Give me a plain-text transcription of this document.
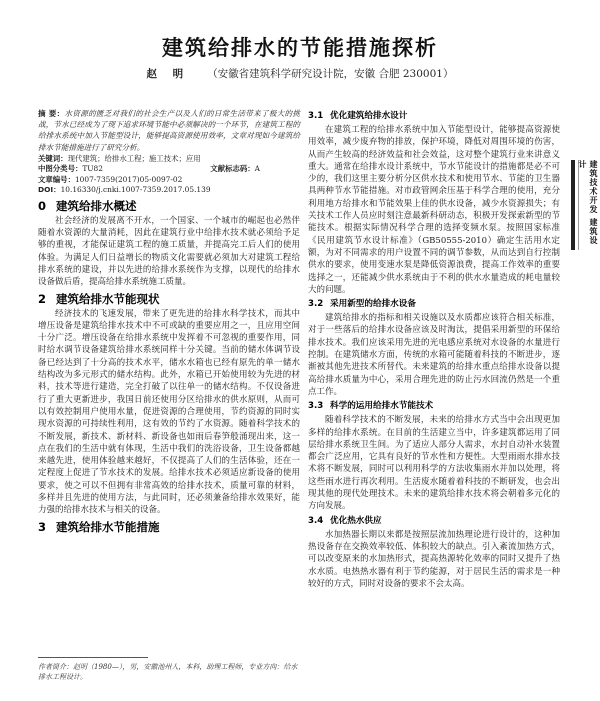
建筑给排水的节能措施探析
赵 明 （安徽省建筑科学研究设计院，安徽 合肥 230001）
摘 要：水资源的匮乏对我们的社会生产以及人们的日常生活带来了极大的挑战，节水已经成为了现下追求环境节能中必须解决的一个环节，在建筑工程的给排水系统中加入节能型设计，能够提高资源使用效率，文章对现如今建筑给排水节能措施进行了研究分析。
关键词：现代建筑；给排水工程；施工技术；应用
中图分类号：TU82	文献标志码：A
文章编号：1007-7359(2017)05-0097-02
DOI：10.16330/j.cnki.1007-7359.2017.05.139
0 建筑给排水概述

社会经济的发展离不开水，一个国家、一个城市的崛起也必然伴随着水资源的大量消耗，因此在建筑行业中给排水技术就必须给予足够的重视，才能保证建筑工程的施工质量，并提高完工后人们的使用体验。为满足人们日益增长的物质文化需要就必须加大对建筑工程给排水系统的建设，并以先进的给排水系统作为支撑，以现代的给排水设备做后盾，提高给排水系统施工质量。

2 建筑给排水节能现状

经济技术的飞速发展，带来了更先进的给排水科学技术，而其中增压设备是建筑给排水技术中不可或缺的重要应用之一，且应用空间十分广泛。增压设备在给排水系统中发挥着不可忽视的重要作用，同时给水调节设备建筑给排水系统同样十分关键。当前的储水体调节设备已经达到了十分高的技术水平，储水水箱也已经有原先的单一储水结构改为多元形式的储水结构。此外，水箱已开始使用较为先进的材料，技术等进行建造，完全打破了以往单一的储水结构。不仅设备进行了重大更新进步，我国日前还使用分区给排水的供水原则，从而可以有效控制用户使用水量，促进资源的合理使用，节约资源的同时实现水资源的可持续性利用，这有效的节约了水资源。随着科学技术的不断发展，新技术、新材料、新设备也如雨后春笋般涌现出来，这一点在我们的生活中就有体现，生活中我们的洗浴设备，卫生设备都越来越先进，使用体验越来越好，不仅提高了人们的生活体验，还在一定程度上促进了节水技术的发展。给排水技术必须适应新设备的使用要求，使之可以不但拥有非常高效的给排水技术，质量可靠的材料，多样并且先进的使用方法，与此同时，还必须兼备给排水效果好，能力强的给排水技术与相关的设备。

3 建筑给排水节能措施
作者简介：赵明（1980—），男，安徽池州人，本科，助理工程师，专业方向：给水排水工程设计。
3.1 优化建筑给排水设计

在建筑工程的给排水系统中加入节能型设计，能够提高资源使用效率，减少废弃物的排放，保护环境，降低对周围环境的伤害，从而产生较高的经济效益和社会效益，这对整个建筑行业来讲意义重大。通常在给排水设计系统中，节水节能设计的措施都是必不可少的，我们这里主要分析分区供水技术和使用节水、节能的卫生器具两种节水节能措施。对市政管网余压基于科学合理的使用，充分利用地方给排水和节能效果上佳的供水设备，减少水资源损失；有关技术工作人员应时刻注意最新科研动态，积极开发探索新型的节能技术。根据实际情况科学合理的选择变频水泵。按照国家标准《民用建筑节水设计标准》（GB50555-2010）确定生活用水定额，为对不同需求的用户设置不同的调节参数，从而达到自行控制供水的要求，使用变速水泵是降低资源浪费，提高工作效率的重要选择之一，还能减少供水系统由于不利的供水水量造成的耗电量较大的问题。

3.2 采用新型的给排水设备

建筑给排水的指标和相关设施以及水质都应该符合相关标准，对于一些落后的给排水设备应该及时淘汰，提倡采用新型的环保给排水技术。我们应该采用先进的光电感应系统对水设备的水量进行控制。在建筑储水方面，传统的水箱可能随着科技的不断进步，逐渐被其他先进技术所替代。未来建筑的给排水重点给排水设备以提高给排水质量为中心，采用合理先进的防止污水回流仍然是一个重点工作。

3.3 科学的运用给排水节能技术

随着科学技术的不断发展，未来的给排水方式当中会出现更加多样的给排水系统。在目前的生活建立当中，许多建筑都运用了同层给排水系统卫生间。为了适应人部分人需求，水封自动补水装置都会广泛应用，它具有良好的节水性和方便性。大型雨雨水排水技术将不断发展，同时可以利用科学的方法收集雨水并加以处理，将这些雨水进行再次利用。生活废水随着着科技的不断研发，也会出现其他的现代处理技术。未来的建筑给排水技术将会朝着多元化的方向发展。

3.4 优化热水供应

水加热器长期以来都是按照层流加热理论进行设计的，这种加热设备存在交换效率较低、体积较大的缺点。引入紊流加热方式，可以改变原来的水加热形式，提高热源转化效率的同时又提升了热水水质。电热热水器有利于节约能源，对于居民生活的需求是一种较好的方式，同时对设备的要求不会太高。

建筑技术开发 建筑设计
